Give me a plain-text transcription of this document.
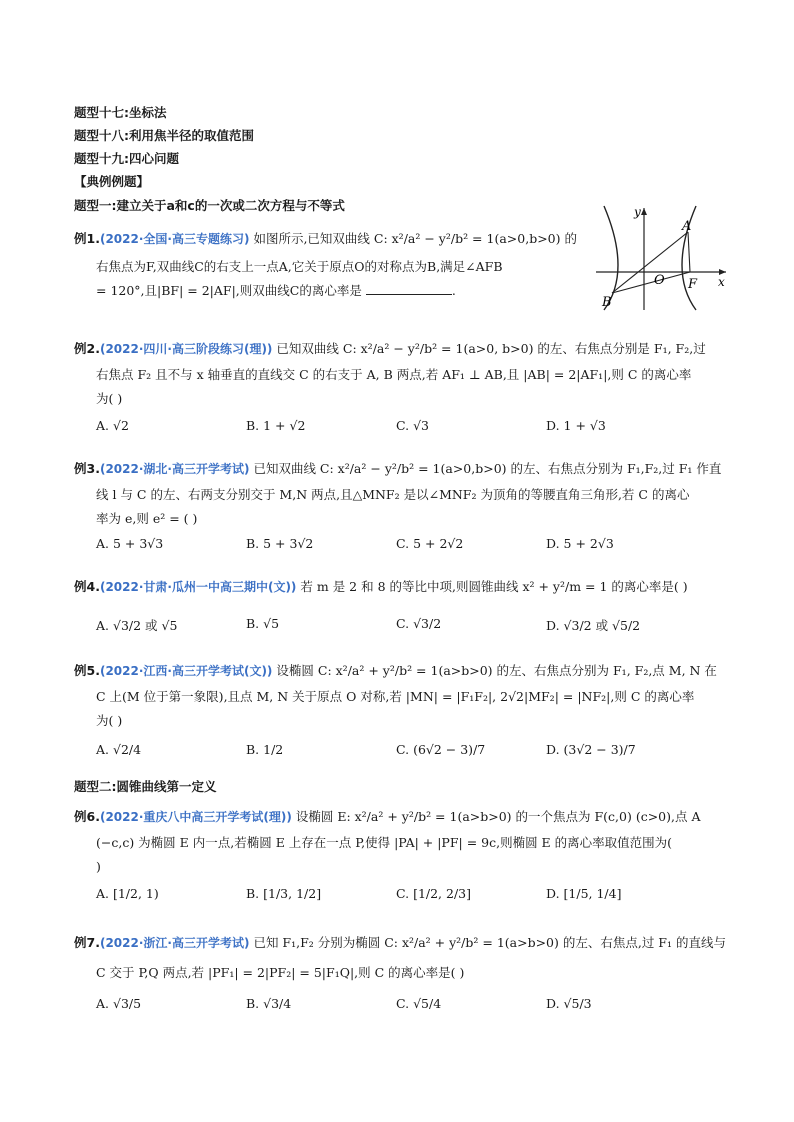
题型十七:坐标法
题型十八:利用焦半径的取值范围
题型十九:四心问题
【典例例题】
题型一:建立关于a和c的一次或二次方程与不等式
例1.(2022·全国·高三专题练习) 如图所示,已知双曲线 C: x²/a² − y²/b² = 1(a>0,b>0) 的
右焦点为F,双曲线C的右支上一点A,它关于原点O的对称点为B,满足∠AFB
= 120°,且|BF| = 2|AF|,则双曲线C的离心率是	.
y
x
A
B
O F
例2.(2022·四川·高三阶段练习(理)) 已知双曲线 C: x²/a² − y²/b² = 1(a>0, b>0) 的左、右焦点分别是 F₁, F₂,过
右焦点 F₂ 且不与 x 轴垂直的直线交 C 的右支于 A, B 两点,若 AF₁ ⊥ AB,且 |AB| = 2|AF₁|,则 C 的离心率
为( )
A. √2	B. 1 + √2	C. √3	D. 1 + √3
例3.(2022·湖北·高三开学考试) 已知双曲线 C: x²/a² − y²/b² = 1(a>0,b>0) 的左、右焦点分别为 F₁,F₂,过 F₁ 作直
线 l 与 C 的左、右两支分别交于 M,N 两点,且△MNF₂ 是以∠MNF₂ 为顶角的等腰直角三角形,若 C 的离心
率为 e,则 e² = ( )
A. 5 + 3√3	B. 5 + 3√2	C. 5 + 2√2	D. 5 + 2√3
例4.(2022·甘肃·瓜州一中高三期中(文)) 若 m 是 2 和 8 的等比中项,则圆锥曲线 x² + y²/m = 1 的离心率是( )
A. √3/2 或 √5	B. √5	C. √3/2	D. √3/2 或 √5/2
例5.(2022·江西·高三开学考试(文)) 设椭圆 C: x²/a² + y²/b² = 1(a>b>0) 的左、右焦点分别为 F₁, F₂,点 M, N 在
C 上(M 位于第一象限),且点 M, N 关于原点 O 对称,若 |MN| = |F₁F₂|, 2√2|MF₂| = |NF₂|,则 C 的离心率
为( )
A. √2/4	B. 1/2	C. (6√2 − 3)/7	D. (3√2 − 3)/7
题型二:圆锥曲线第一定义
例6.(2022·重庆八中高三开学考试(理)) 设椭圆 E: x²/a² + y²/b² = 1(a>b>0) 的一个焦点为 F(c,0) (c>0),点 A
(−c,c) 为椭圆 E 内一点,若椭圆 E 上存在一点 P,使得 |PA| + |PF| = 9c,则椭圆 E 的离心率取值范围为(
)
A. [1/2, 1)	B. [1/3, 1/2]	C. [1/2, 2/3]	D. [1/5, 1/4]
例7.(2022·浙江·高三开学考试) 已知 F₁,F₂ 分别为椭圆 C: x²/a² + y²/b² = 1(a>b>0) 的左、右焦点,过 F₁ 的直线与
C 交于 P,Q 两点,若 |PF₁| = 2|PF₂| = 5|F₁Q|,则 C 的离心率是( )
A. √3/5	B. √3/4	C. √5/4	D. √5/3
